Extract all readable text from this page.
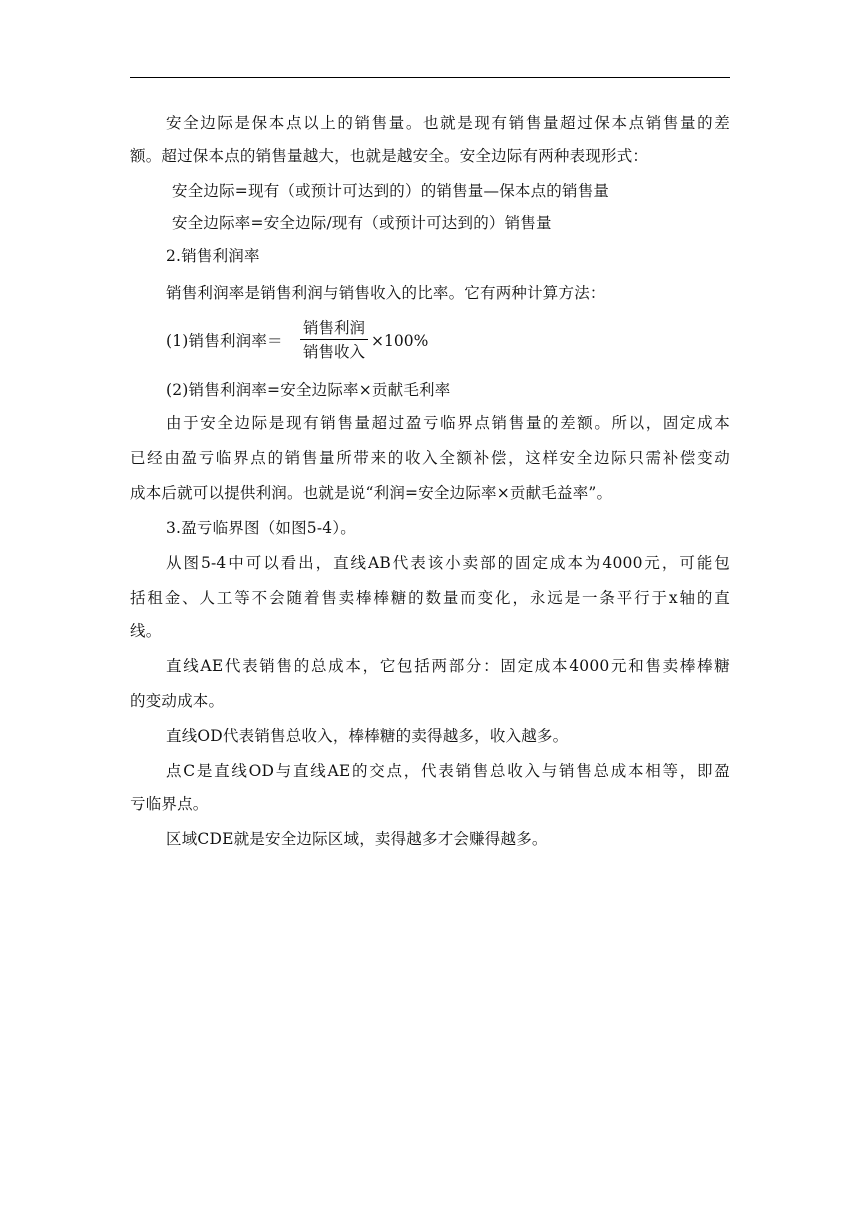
安全边际是保本点以上的销售量。也就是现有销售量超过保本点销售量的差
额。超过保本点的销售量越大，也就是越安全。安全边际有两种表现形式：
安全边际=现有（或预计可达到的）的销售量—保本点的销售量
安全边际率=安全边际/现有（或预计可达到的）销售量
2.销售利润率
销售利润率是销售利润与销售收入的比率。它有两种计算方法：
(1)销售利润率＝
销售利润
销售收入
×100%
(2)销售利润率=安全边际率×贡献毛利率
由于安全边际是现有销售量超过盈亏临界点销售量的差额。所以，固定成本
已经由盈亏临界点的销售量所带来的收入全额补偿，这样安全边际只需补偿变动
成本后就可以提供利润。也就是说“利润=安全边际率×贡献毛益率”。
3.盈亏临界图（如图5-4）。
从图5-4中可以看出，直线AB代表该小卖部的固定成本为4000元，可能包
括租金、人工等不会随着售卖棒棒糖的数量而变化，永远是一条平行于x轴的直
线。
直线AE代表销售的总成本，它包括两部分：固定成本4000元和售卖棒棒糖
的变动成本。
直线OD代表销售总收入，棒棒糖的卖得越多，收入越多。
点C是直线OD与直线AE的交点，代表销售总收入与销售总成本相等，即盈
亏临界点。
区域CDE就是安全边际区域，卖得越多才会赚得越多。
